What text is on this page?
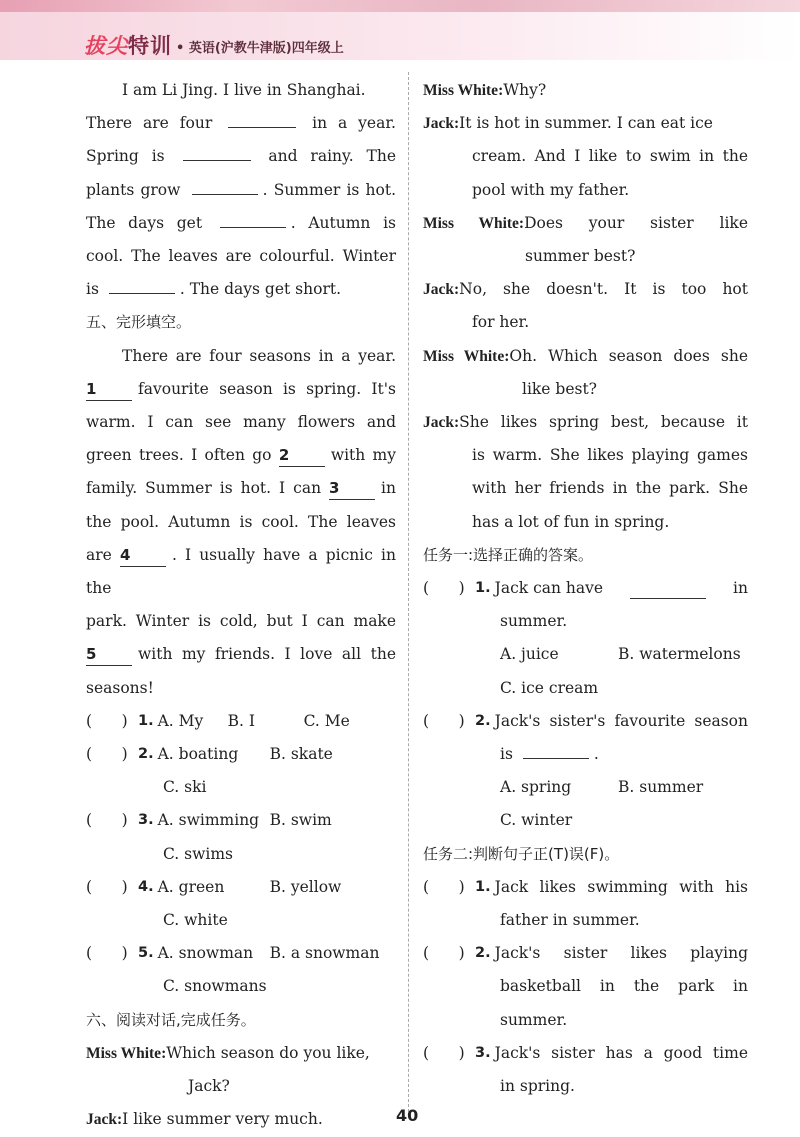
拔尖特训 • 英语(沪教牛津版)四年级上

I am Li Jing. I live in Shanghai.

There are four	in a year.

Spring is	and rainy. The

plants grow	. Summer is hot.

The days get	. Autumn is

cool. The leaves are colourful. Winter

is	. The days get short.

五、完形填空。

There are four seasons in a year.

1	favourite season is spring. It's

warm. I can see many flowers and

green trees. I often go 2	with my

family. Summer is hot. I can 3	in

the pool. Autumn is cool. The leaves

are 4	. I usually have a picnic in the

park. Winter is cold, but I can make

5	with my friends. I love all the

seasons!

(      ) 1. A. My	B. I	C. Me
(      ) 2. A. boating	B. skate
C. ski
(      ) 3. A. swimming B. swim
C. swims
(      ) 4. A. green	B. yellow
C. white
(      ) 5. A. snowman	B. a snowman
C. snowmans

六、阅读对话,完成任务。

Miss White:Which season do you like,
Jack?
Jack:I like summer very much.
Miss White:Why?
Jack:It is hot in summer. I can eat ice
cream. And I like to swim in the
pool with my father.
Miss White:Does your sister like
summer best?
Jack:No, she doesn't. It is too hot
for her.
Miss White:Oh. Which season does she
like best?
Jack:She likes spring best, because it
is warm. She likes playing games
with her friends in the park. She
has a lot of fun in spring.

任务一:选择正确的答案。

(      ) 1. Jack can have	in
summer.
A. juice	B. watermelons
C. ice cream
(      ) 2. Jack's sister's favourite season
is	.
A. spring	B. summer
C. winter

任务二:判断句子正(T)误(F)。

(      ) 1. Jack likes swimming with his
father in summer.
(      ) 2. Jack's sister likes playing
basketball in the park in
summer.
(      ) 3. Jack's sister has a good time
in spring.
40
